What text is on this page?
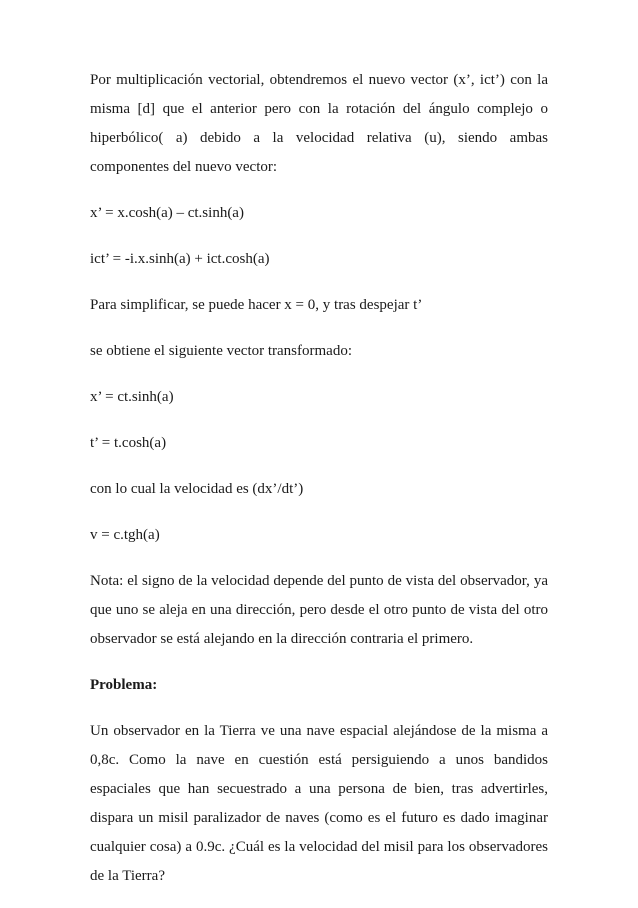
Por multiplicación vectorial, obtendremos el nuevo vector (x’, ict’) con la misma [d] que el anterior pero con la rotación del ángulo complejo o hiperbólico( a) debido a la velocidad relativa (u), siendo ambas componentes del nuevo vector:

x’ = x.cosh(a) – ct.sinh(a)

ict’ = -i.x.sinh(a) + ict.cosh(a)

Para simplificar, se puede hacer x = 0, y tras despejar t’

se obtiene el siguiente vector transformado:

x’ = ct.sinh(a)

t’ = t.cosh(a)

con lo cual la velocidad es (dx’/dt’)

v = c.tgh(a)

Nota: el signo de la velocidad depende del punto de vista del observador, ya que uno se aleja en una dirección, pero desde el otro punto de vista del otro observador se está alejando en la dirección contraria el primero.

Problema:

Un observador en la Tierra ve una nave espacial alejándose de la misma a 0,8c. Como la nave en cuestión está persiguiendo a unos bandidos espaciales que han secuestrado a una persona de bien, tras advertirles, dispara un misil paralizador de naves (como es el futuro es dado imaginar cualquier cosa) a 0.9c. ¿Cuál es la velocidad del misil para los observadores de la Tierra?
